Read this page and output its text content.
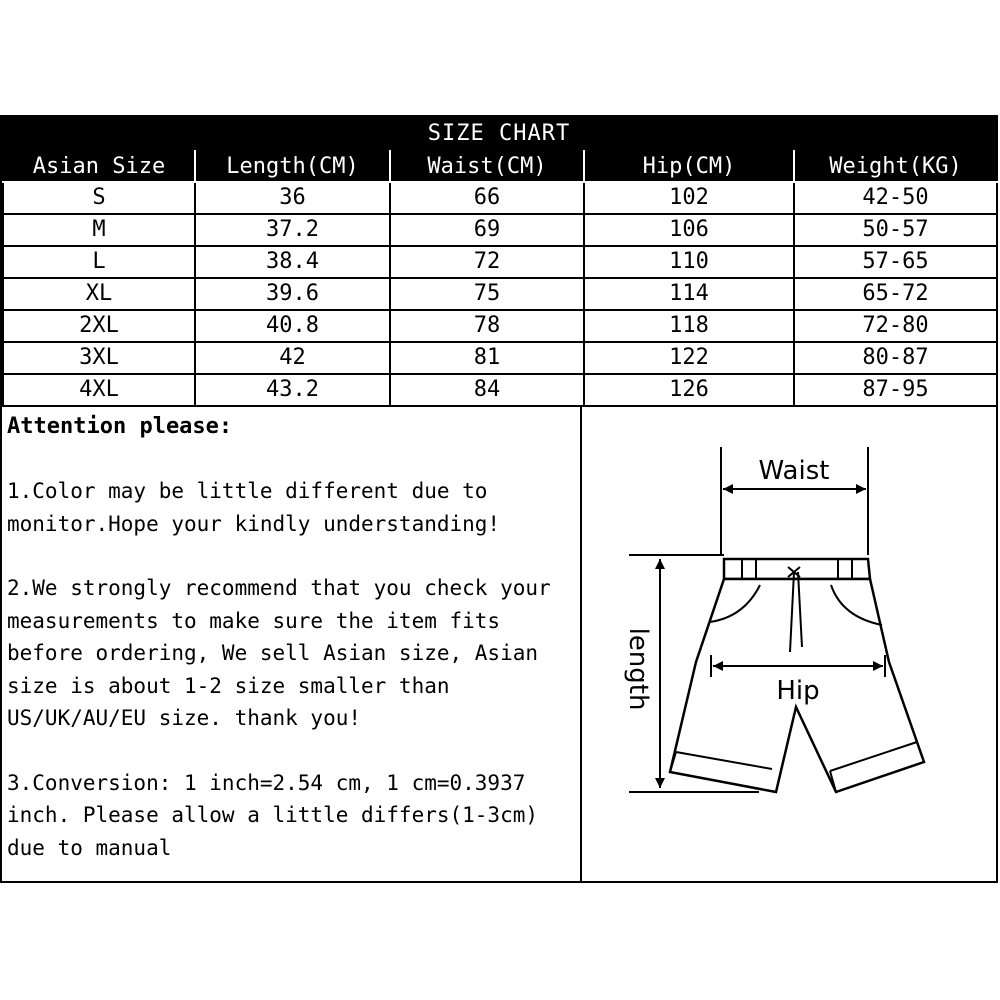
SIZE CHART
Asian Size	Length(CM)	Waist(CM)	Hip(CM)	Weight(KG)
S	36	66	102	42-50
M	37.2	69	106	50-57
L	38.4	72	110	57-65
XL	39.6	75	114	65-72
2XL	40.8	78	118	72-80
3XL	42	81	122	80-87
4XL	43.2	84	126	87-95
Attention please:

1.Color may be little different due to monitor.Hope your kindly understanding!

2.We strongly recommend that you check your measurements to make sure the item fits before ordering, We sell Asian size, Asian size is about 1-2 size smaller than US/UK/AU/EU size. thank you!

3.Conversion: 1 inch=2.54 cm, 1 cm=0.3937 inch. Please allow a little differs(1-3cm) due to manual

Waist
length	Hip
